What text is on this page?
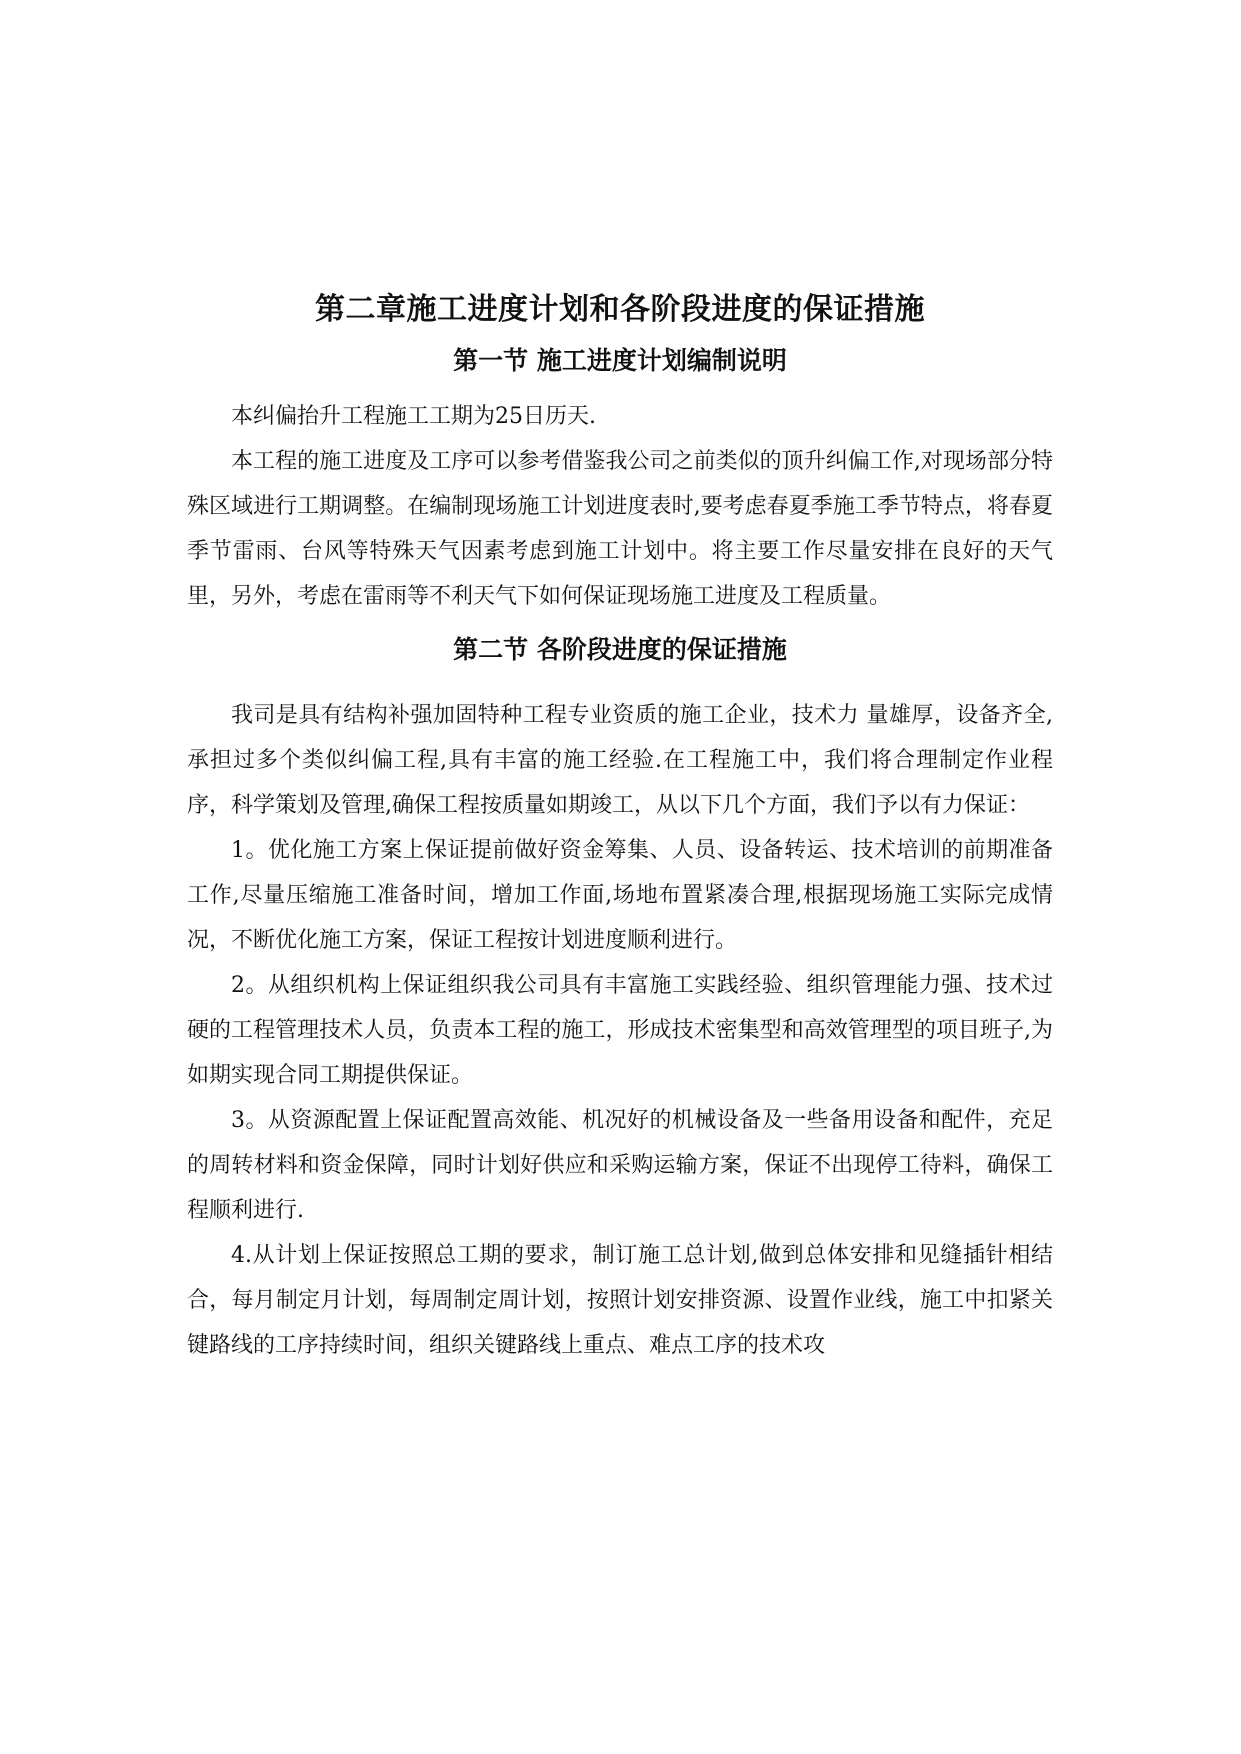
第二章施工进度计划和各阶段进度的保证措施
第一节 施工进度计划编制说明

本纠偏抬升工程施工工期为25日历天.

本工程的施工进度及工序可以参考借鉴我公司之前类似的顶升纠偏工作,对现场部分特殊区域进行工期调整。在编制现场施工计划进度表时,要考虑春夏季施工季节特点，将春夏季节雷雨、台风等特殊天气因素考虑到施工计划中。将主要工作尽量安排在良好的天气里，另外，考虑在雷雨等不利天气下如何保证现场施工进度及工程质量。

第二节 各阶段进度的保证措施

我司是具有结构补强加固特种工程专业资质的施工企业，技术力 量雄厚，设备齐全,承担过多个类似纠偏工程,具有丰富的施工经验.在工程施工中，我们将合理制定作业程序，科学策划及管理,确保工程按质量如期竣工，从以下几个方面，我们予以有力保证：

1。优化施工方案上保证提前做好资金筹集、人员、设备转运、技术培训的前期准备工作,尽量压缩施工准备时间，增加工作面,场地布置紧凑合理,根据现场施工实际完成情况，不断优化施工方案，保证工程按计划进度顺利进行。

2。从组织机构上保证组织我公司具有丰富施工实践经验、组织管理能力强、技术过硬的工程管理技术人员，负责本工程的施工，形成技术密集型和高效管理型的项目班子,为如期实现合同工期提供保证。

3。从资源配置上保证配置高效能、机况好的机械设备及一些备用设备和配件，充足的周转材料和资金保障，同时计划好供应和采购运输方案，保证不出现停工待料，确保工程顺利进行.

4.从计划上保证按照总工期的要求，制订施工总计划,做到总体安排和见缝插针相结合，每月制定月计划，每周制定周计划，按照计划安排资源、设置作业线，施工中扣紧关键路线的工序持续时间，组织关键路线上重点、难点工序的技术攻
